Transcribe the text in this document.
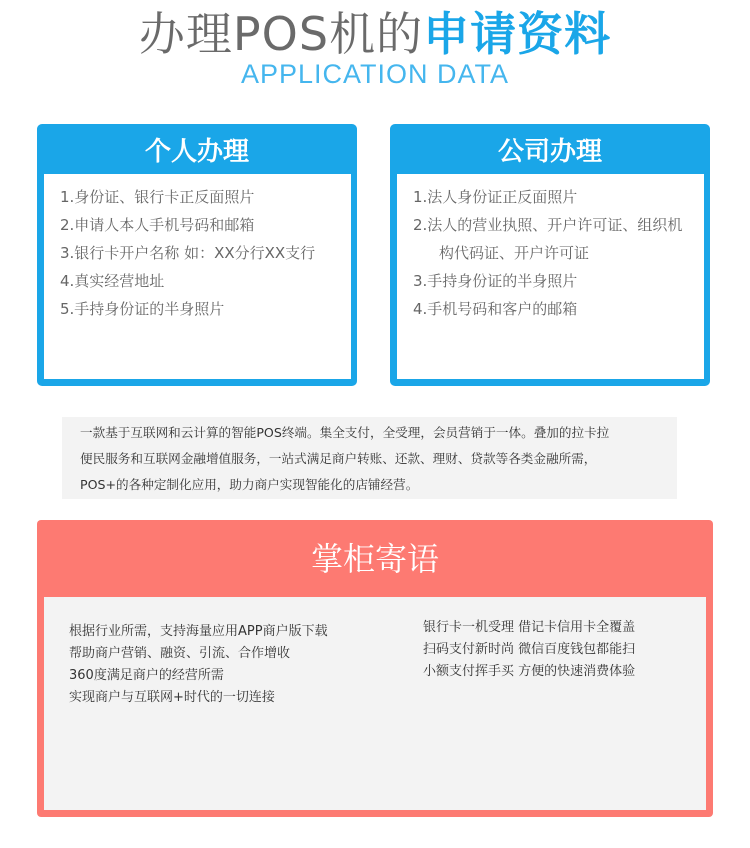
办理POS机的申请资料
APPLICATION DATA
个人办理
1.身份证、银行卡正反面照片
2.申请人本人手机号码和邮箱
3.银行卡开户名称 如：XX分行XX支行
4.真实经营地址
5.手持身份证的半身照片
公司办理
1.法人身份证正反面照片
2.法人的营业执照、开户许可证、组织机
构代码证、开户许可证
3.手持身份证的半身照片
4.手机号码和客户的邮箱

一款基于互联网和云计算的智能POS终端。集全支付，全受理，会员营销于一体。叠加的拉卡拉

便民服务和互联网金融增值服务，一站式满足商户转账、还款、理财、贷款等各类金融所需，

POS+的各种定制化应用，助力商户实现智能化的店铺经营。

掌柜寄语

根据行业所需，支持海量应用APP商户版下载

帮助商户营销、融资、引流、合作增收

360度满足商户的经营所需

实现商户与互联网+时代的一切连接

银行卡一机受理 借记卡信用卡全覆盖

扫码支付新时尚 微信百度钱包都能扫

小额支付挥手买 方便的快速消费体验
